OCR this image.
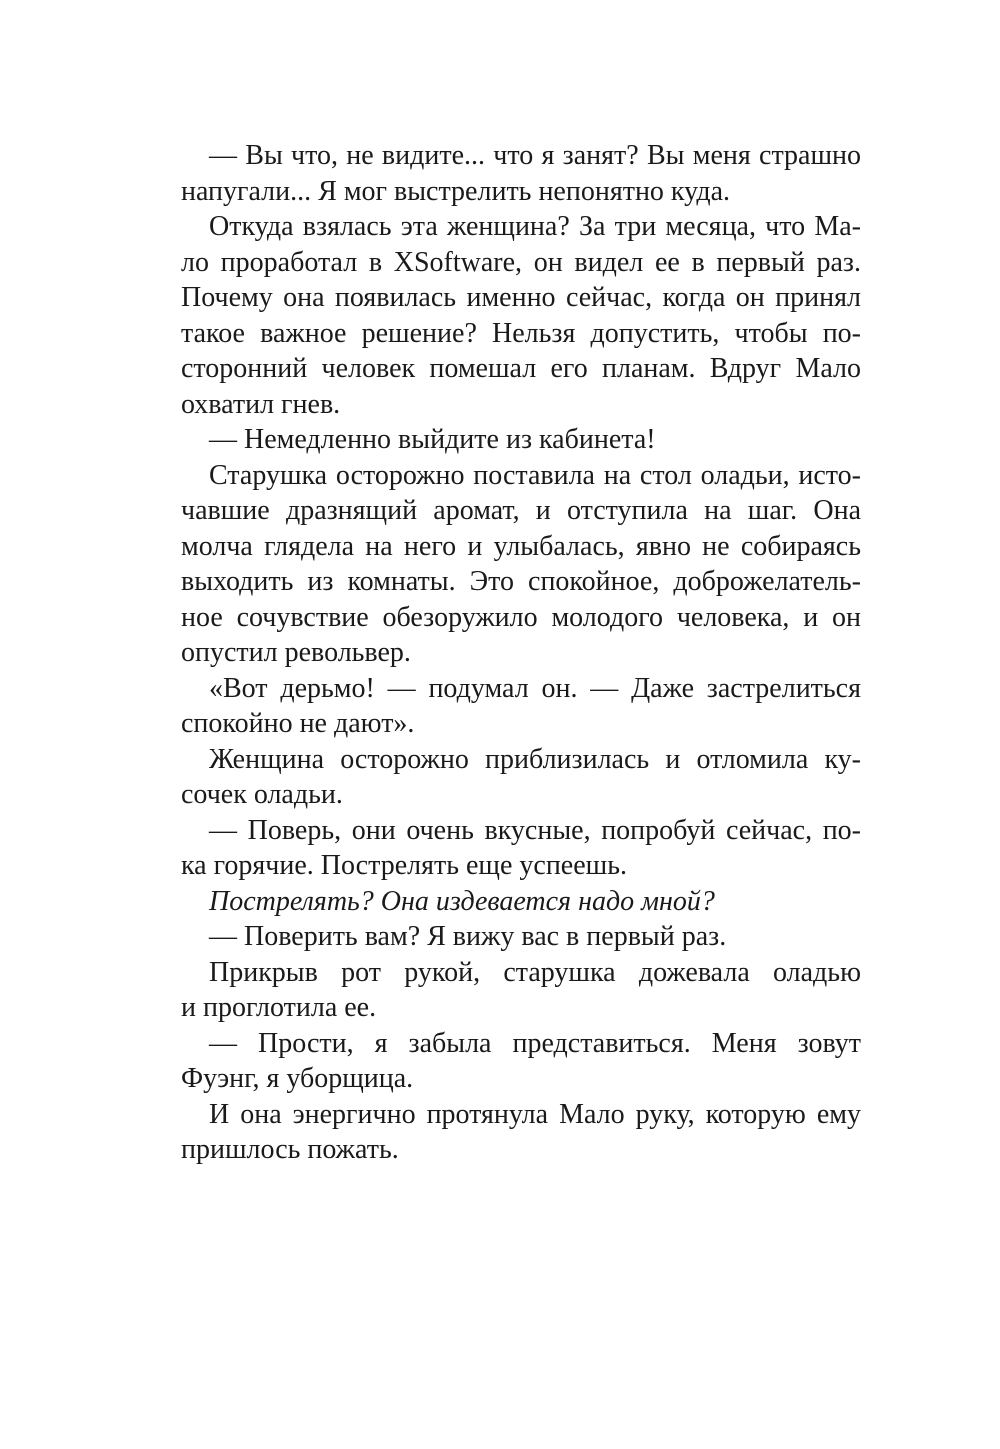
— Вы что, не видите... что я занят? Вы меня страшно
напугали... Я мог выстрелить непонятно куда.
Откуда взялась эта женщина? За три месяца, что Ма-
ло проработал в XSoftware, он видел ее в первый раз.
Почему она появилась именно сейчас, когда он принял
такое важное решение? Нельзя допустить, чтобы по-
сторонний человек помешал его планам. Вдруг Мало
охватил гнев.
— Немедленно выйдите из кабинета!
Старушка осторожно поставила на стол оладьи, исто-
чавшие дразнящий аромат, и отступила на шаг. Она
молча глядела на него и улыбалась, явно не собираясь
выходить из комнаты. Это спокойное, доброжелатель-
ное сочувствие обезоружило молодого человека, и он
опустил револьвер.
«Вот дерьмо! — подумал он. — Даже застрелиться
спокойно не дают».
Женщина осторожно приблизилась и отломила ку-
сочек оладьи.
— Поверь, они очень вкусные, попробуй сейчас, по-
ка горячие. Пострелять еще успеешь.
Пострелять? Она издевается надо мной?
— Поверить вам? Я вижу вас в первый раз.
Прикрыв рот рукой, старушка дожевала оладью
и проглотила ее.
— Прости, я забыла представиться. Меня зовут
Фуэнг, я уборщица.
И она энергично протянула Мало руку, которую ему
пришлось пожать.
